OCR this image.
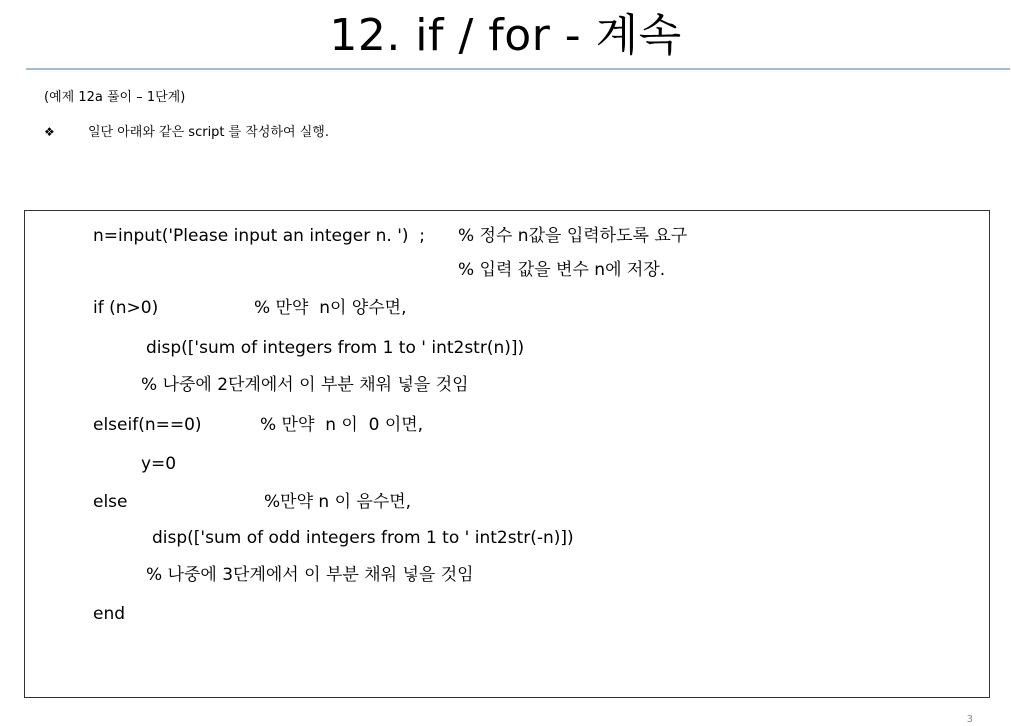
12. if / for - 계속
(예제 12a 풀이 – 1단계)
❖	일단 아래와 같은 script 를 작성하여 실행.
n=input('Please input an integer n. ')  ; % 정수 n값을 입력하도록 요구
% 입력 값을 변수 n에 저장.
if (n>0)	% 만약  n이 양수면,
disp(['sum of integers from 1 to ' int2str(n)])
% 나중에 2단계에서 이 부분 채워 넣을 것임
elseif(n==0)	% 만약  n 이  0 이면,
y=0
else	%만약 n 이 음수면,
disp(['sum of odd integers from 1 to ' int2str(-n)])
% 나중에 3단계에서 이 부분 채워 넣을 것임
end
3
